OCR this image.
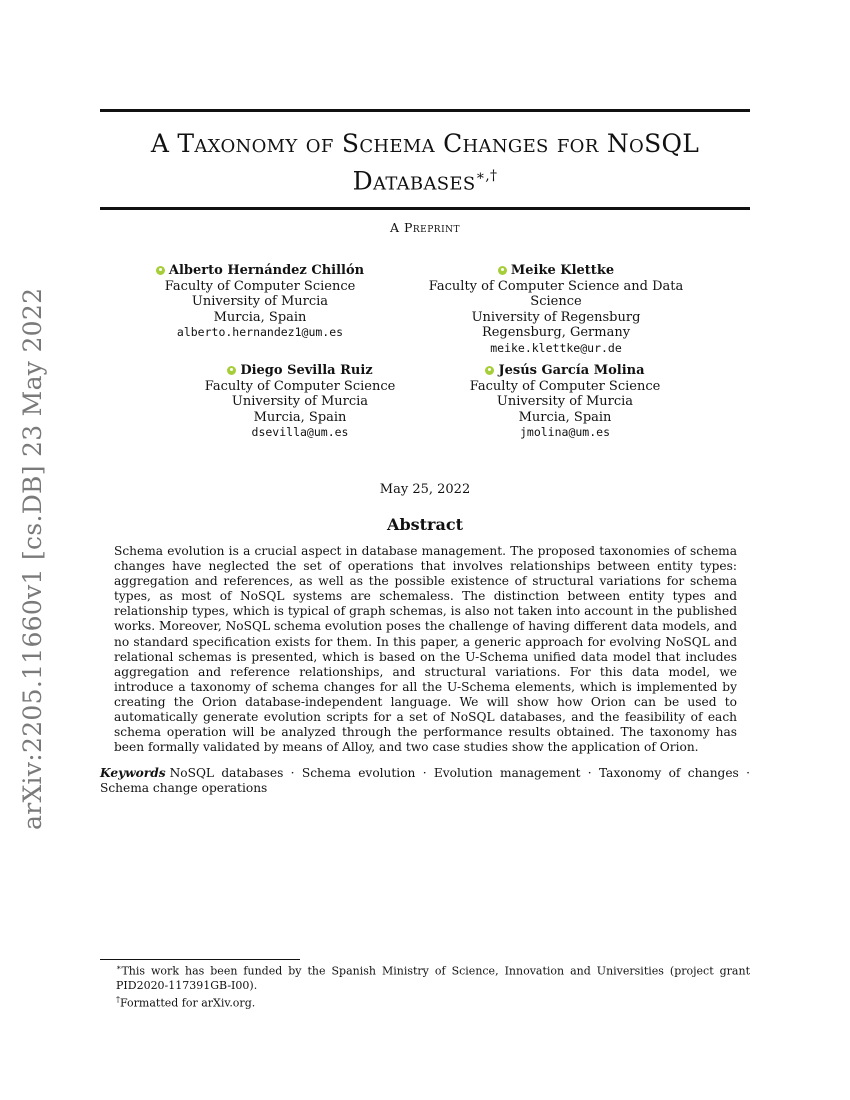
arXiv:2205.11660v1 [cs.DB] 23 May 2022
A Taxonomy of Schema Changes for NoSQL
Databases∗,†
A Preprint
Alberto Hernández Chillón
Faculty of Computer Science
University of Murcia
Murcia, Spain
alberto.hernandez1@um.es
Meike Klettke
Faculty of Computer Science and Data Science
University of Regensburg
Regensburg, Germany
meike.klettke@ur.de
Diego Sevilla Ruiz
Faculty of Computer Science
University of Murcia
Murcia, Spain
dsevilla@um.es
Jesús García Molina
Faculty of Computer Science
University of Murcia
Murcia, Spain
jmolina@um.es
May 25, 2022
Abstract

Schema evolution is a crucial aspect in database management. The proposed taxonomies of schema changes have neglected the set of operations that involves relationships between entity types: aggregation and references, as well as the possible existence of structural variations for schema types, as most of NoSQL systems are schemaless. The distinction between entity types and relationship types, which is typical of graph schemas, is also not taken into account in the published works. Moreover, NoSQL schema evolution poses the challenge of having different data models, and no standard specification exists for them. In this paper, a generic approach for evolving NoSQL and relational schemas is presented, which is based on the U-Schema unified data model that includes aggregation and reference relationships, and structural variations. For this data model, we introduce a taxonomy of schema changes for all the U-Schema elements, which is implemented by creating the Orion database-independent language. We will show how Orion can be used to automatically generate evolution scripts for a set of NoSQL databases, and the feasibility of each schema operation will be analyzed through the performance results obtained. The taxonomy has been formally validated by means of Alloy, and two case studies show the application of Orion.

Keywords NoSQL databases · Schema evolution · Evolution management · Taxonomy of changes · Schema change operations

∗This work has been funded by the Spanish Ministry of Science, Innovation and Universities (project grant PID2020-117391GB-I00).
†Formatted for arXiv.org.
